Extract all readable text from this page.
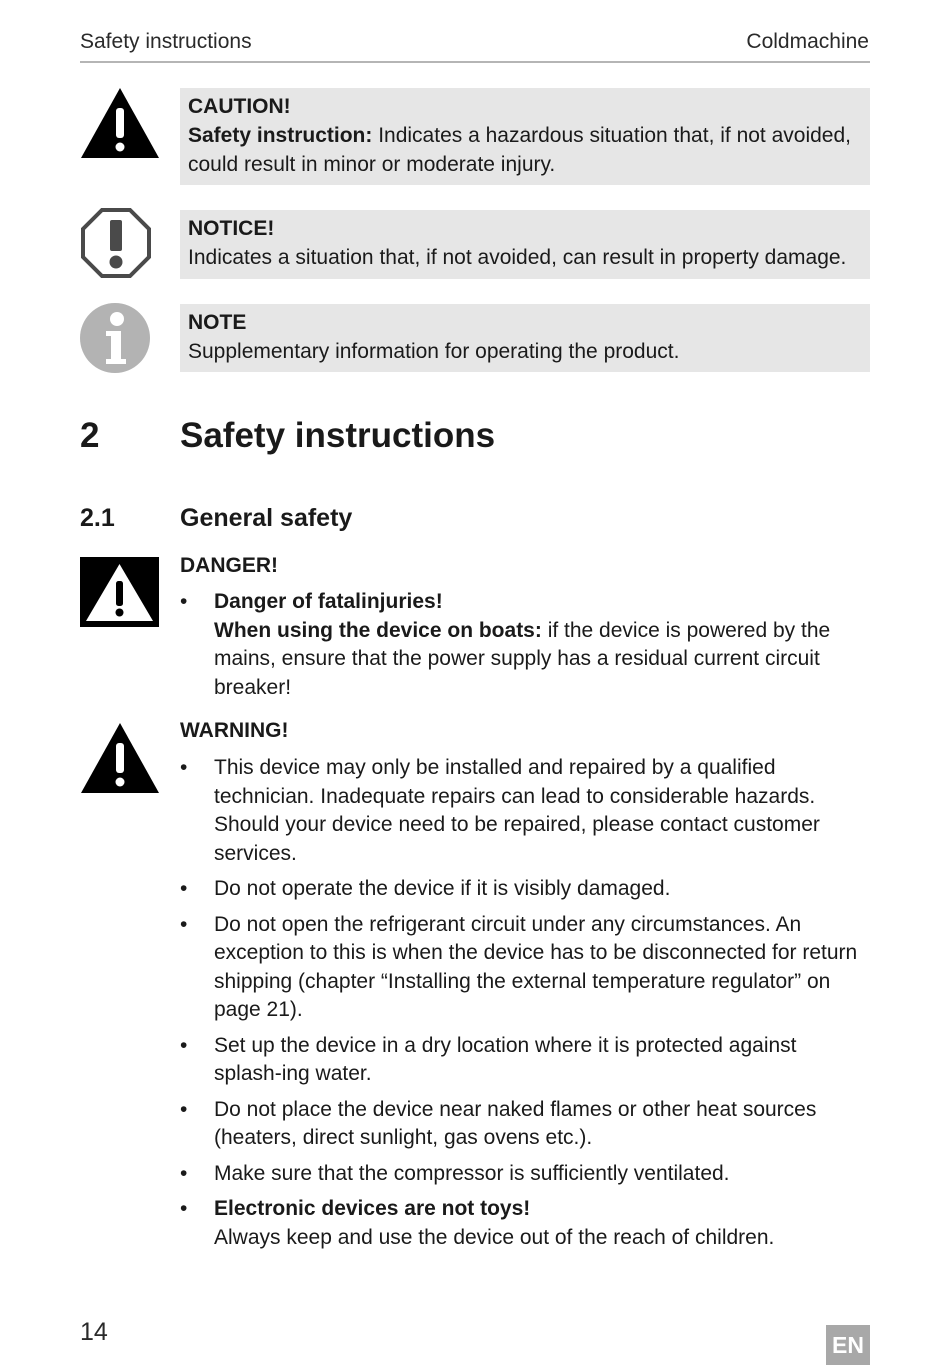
Safety instructions	Coldmachine
CAUTION!
Safety instruction: Indicates a hazardous situation that, if not avoided, could result in minor or moderate injury.
NOTICE!
Indicates a situation that, if not avoided, can result in property damage.
NOTE
Supplementary information for operating the product.
2 Safety instructions
2.1	General safety
DANGER!
• Danger of fatalinjuries!
When using the device on boats: if the device is powered by the mains, ensure that the power supply has a residual current circuit breaker!
WARNING!
• This device may only be installed and repaired by a qualified technician. Inadequate repairs can lead to considerable hazards. Should your device need to be repaired, please contact customer services.
• Do not operate the device if it is visibly damaged.
• Do not open the refrigerant circuit under any circumstances. An exception to this is when the device has to be disconnected for return shipping (chapter “Installing the external temperature regulator” on page 21).
• Set up the device in a dry location where it is protected against splash-ing water.
• Do not place the device near naked flames or other heat sources (heaters, direct sunlight, gas ovens etc.).
• Make sure that the compressor is sufficiently ventilated.
• Electronic devices are not toys!
Always keep and use the device out of the reach of children.
14	EN
